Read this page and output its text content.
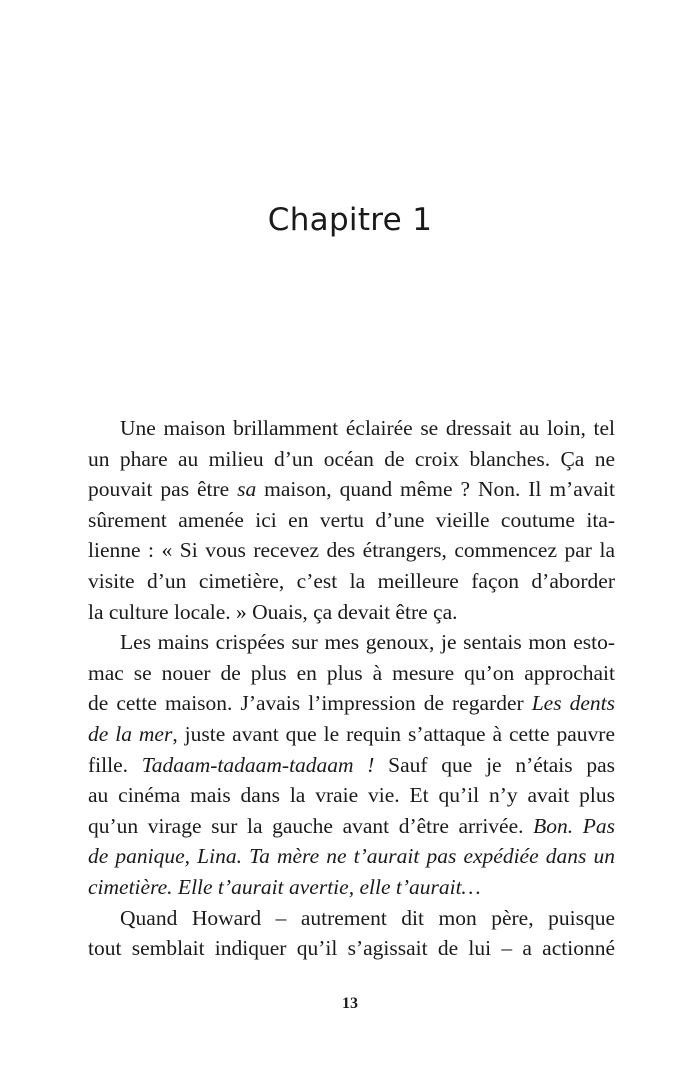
Chapitre 1

Une maison brillamment éclairée se dressait au loin, tel
un phare au milieu d’un océan de croix blanches. Ça ne
pouvait pas être sa maison, quand même ? Non. Il m’avait
sûrement amenée ici en vertu d’une vieille coutume ita-
lienne : « Si vous recevez des étrangers, commencez par la
visite d’un cimetière, c’est la meilleure façon d’aborder
la culture locale. » Ouais, ça devait être ça.

Les mains crispées sur mes genoux, je sentais mon esto-
mac se nouer de plus en plus à mesure qu’on approchait
de cette maison. J’avais l’impression de regarder Les dents
de la mer, juste avant que le requin s’attaque à cette pauvre
fille. Tadaam-tadaam-tadaam ! Sauf que je n’étais pas
au cinéma mais dans la vraie vie. Et qu’il n’y avait plus
qu’un virage sur la gauche avant d’être arrivée. Bon. Pas
de panique, Lina. Ta mère ne t’aurait pas expédiée dans un
cimetière. Elle t’aurait avertie, elle t’aurait…

Quand Howard – autrement dit mon père, puisque
tout semblait indiquer qu’il s’agissait de lui – a actionné

13
